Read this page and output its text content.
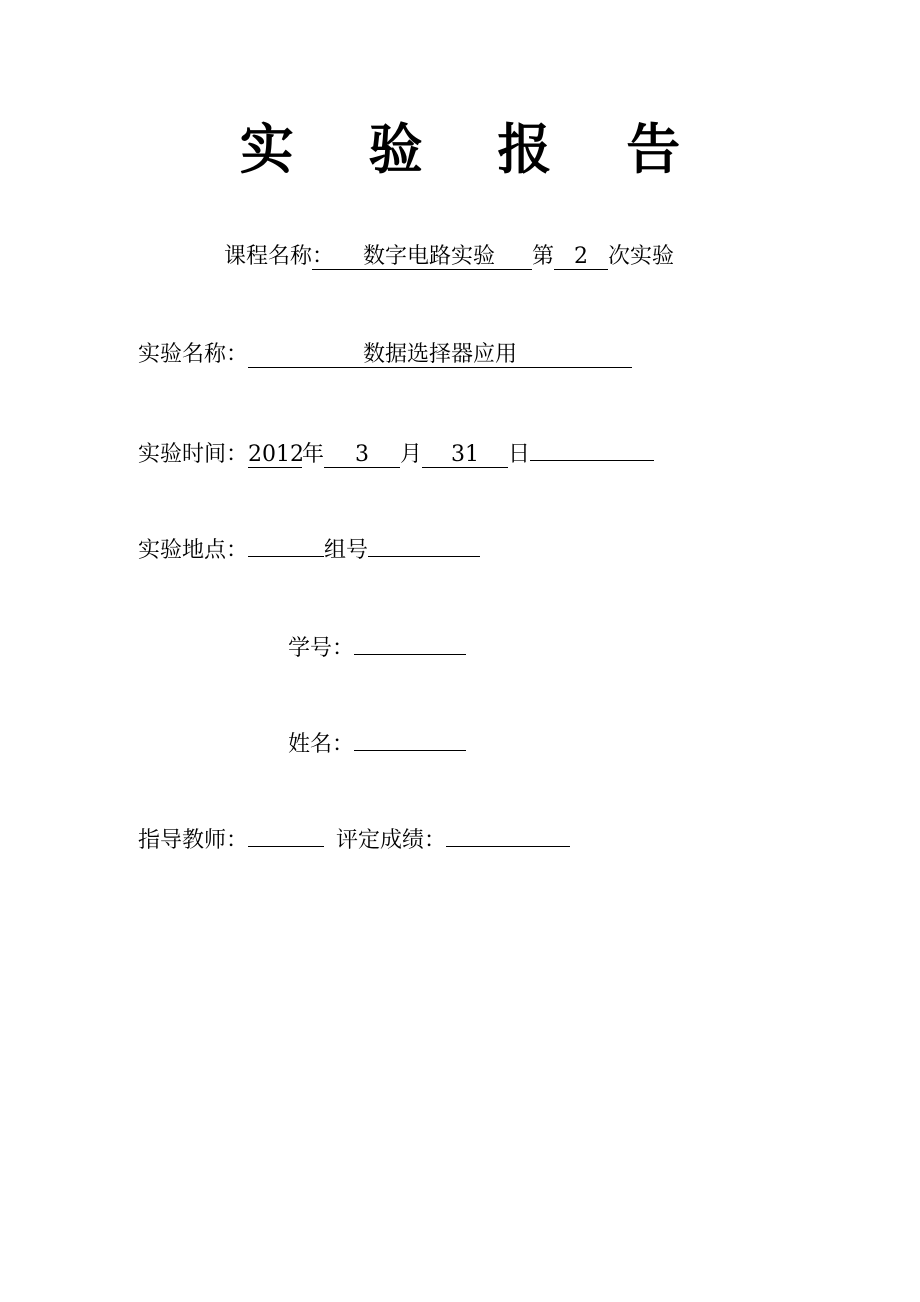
实 验 报 告
课程名称： 数字电路实验 第 2 次实验
实验名称：	数据选择器应用
实验时间：2012年 3 月 31 日
实验地点：	组号
学号：
姓名：
指导教师：	评定成绩：
